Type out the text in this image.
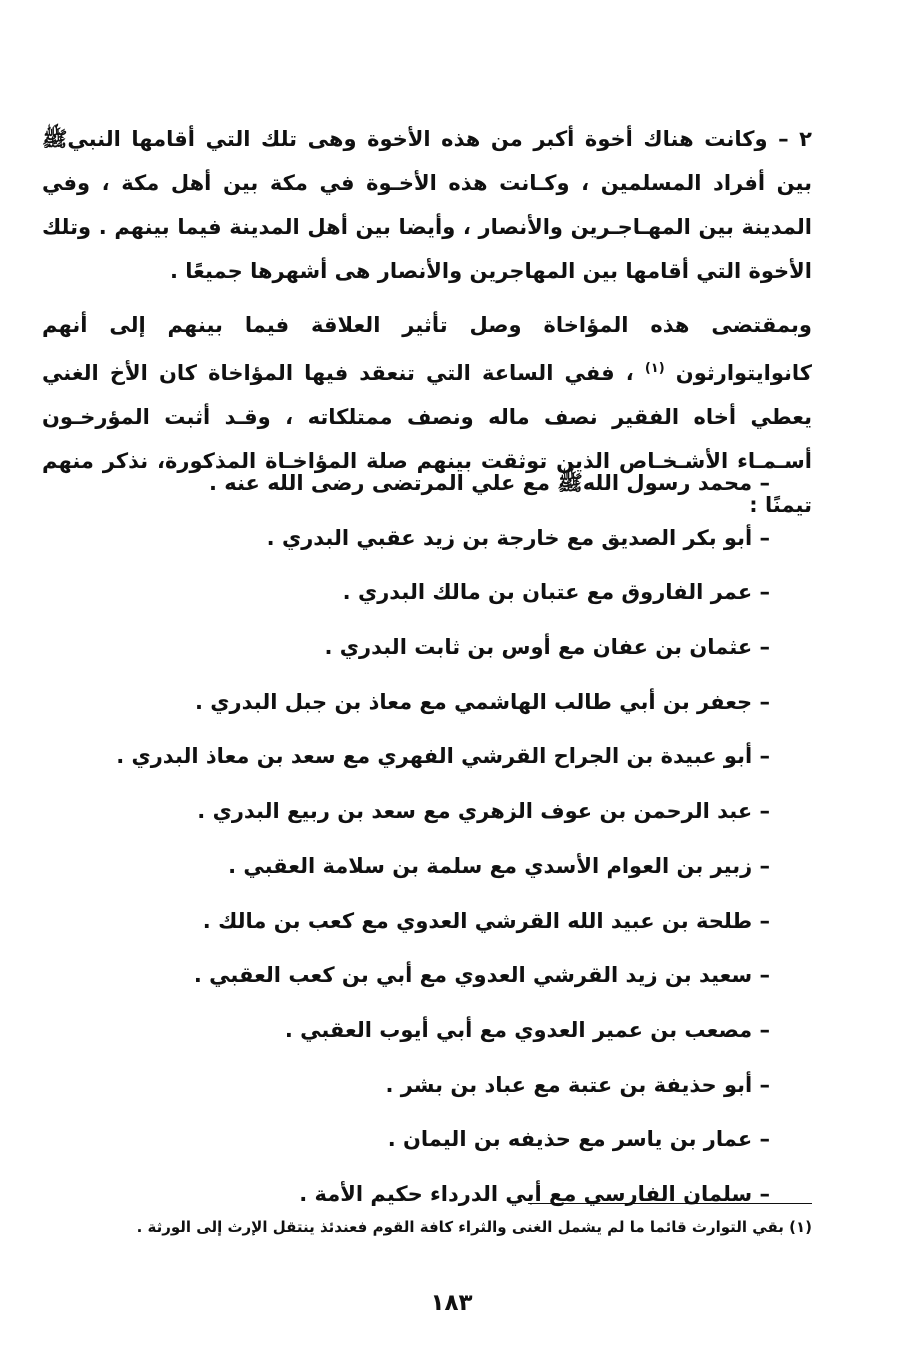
٢ – وكانت هناك أخوة أكبر من هذه الأخوة وهى تلك التي أقامها النبيﷺ بين أفراد المسلمين ، وكـانت هذه الأخـوة في مكة بين أهل مكة ، وفي المدينة بين المهـاجـرين والأنصار ، وأيضا بين أهل المدينة فيما بينهم . وتلك الأخوة التي أقامها بين المهاجرين والأنصار هى أشهرها جميعًا .

وبمقتضى هذه المؤاخاة وصل تأثير العلاقة فيما بينهم إلى أنهم كانوايتوارثون $^{(١)}$ ، ففي الساعة التي تنعقد فيها المؤاخاة كان الأخ الغني يعطي أخاه الفقير نصف ماله ونصف ممتلكاته ، وقـد أثبت المؤرخـون أسـمـاء الأشـخـاص الذين توثقت بينهم صلة المؤاخـاة المذكورة، نذكر منهم تيمنًا :

– محمد رسول اللهﷺ مع علي المرتضى رضى الله عنه .
– أبو بكر الصديق مع خارجة بن زيد عقبي البدري .
– عمر الفاروق مع عتبان بن مالك البدري .
– عثمان بن عفان مع أوس بن ثابت البدري .
– جعفر بن أبي طالب الهاشمي مع معاذ بن جبل البدري .
– أبو عبيدة بن الجراح القرشي الفهري مع سعد بن معاذ البدري .
– عبد الرحمن بن عوف الزهري مع سعد بن ربيع البدري .
– زبير بن العوام الأسدي مع سلمة بن سلامة العقبي .
– طلحة بن عبيد الله القرشي العدوي مع كعب بن مالك .
– سعيد بن زيد القرشي العدوي مع أبي بن كعب العقبي .
– مصعب بن عمير العدوي مع أبي أيوب العقبي .
– أبو حذيفة بن عتبة مع عباد بن بشر .
– عمار بن ياسر مع حذيفه بن اليمان .
– سلمان الفارسي مع أبي الدرداء حكيم الأمة .
(١) بقي التوارث قائما ما لم يشمل الغنى والثراء كافة القوم فعندئذ ينتقل الإرث إلى الورثة .
١٨٣
